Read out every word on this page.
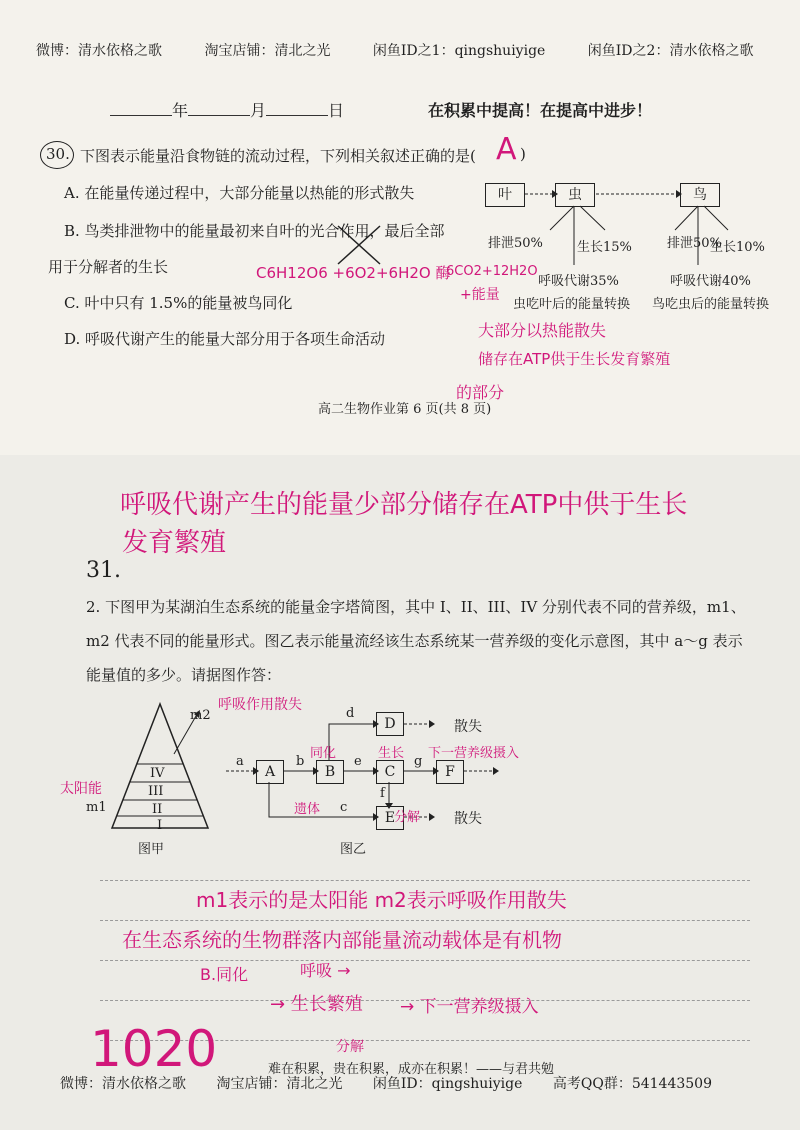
微博：清水依格之歌	淘宝店铺：清北之光	闲鱼ID之1：qingshuiyige	闲鱼ID之2：清水依格之歌
年	月	日	在积累中提高！在提高中进步！
30. 下图表示能量沿食物链的流动过程，下列相关叙述正确的是(	)
A. 在能量传递过程中，大部分能量以热能的形式散失
B. 鸟类排泄物中的能量最初来自叶的光合作用，最后全部
用于分解者的生长
C. 叶中只有 1.5%的能量被鸟同化
D. 呼吸代谢产生的能量大部分用于各项生命活动
叶	虫	鸟
排泄50%	生长15%
呼吸代谢35%
虫吃叶后的能量转换
排泄50%
生长10%
呼吸代谢40%
鸟吃虫后的能量转换
高二生物作业第 6 页(共 8 页)
A
C6H12O6 +6O2+6H2O 酶
6CO2+12H2O
+能量
大部分以热能散失
储存在ATP供于生长发育繁殖
的部分
呼吸代谢产生的能量少部分储存在ATP中供于生长
发育繁殖
31.
2. 下图甲为某湖泊生态系统的能量金字塔简图，其中 I、II、III、IV 分别代表不同的营养级，m1、
m2 代表不同的能量形式。图乙表示能量流经该生态系统某一营养级的变化示意图，其中 a～g 表示
能量值的多少。请据图作答：
IV
III
II
I
m1
m2
图甲
A	B	C
D
E
F
a	b	e	g
d
f
c
散失
散失
图乙
太阳能
呼吸作用散失
同化	生长 下一营养级摄入
遗体
分解
m1表示的是太阳能 m2表示呼吸作用散失
在生态系统的生物群落内部能量流动载体是有机物
B.同化	呼吸 →
→ 生长繁殖 → 下一营养级摄入
分解
1020	难在积累，贵在积累，成亦在积累！——与君共勉
微博：清水依格之歌 淘宝店铺：清北之光 闲鱼ID：qingshuiyige 高考QQ群：541443509
